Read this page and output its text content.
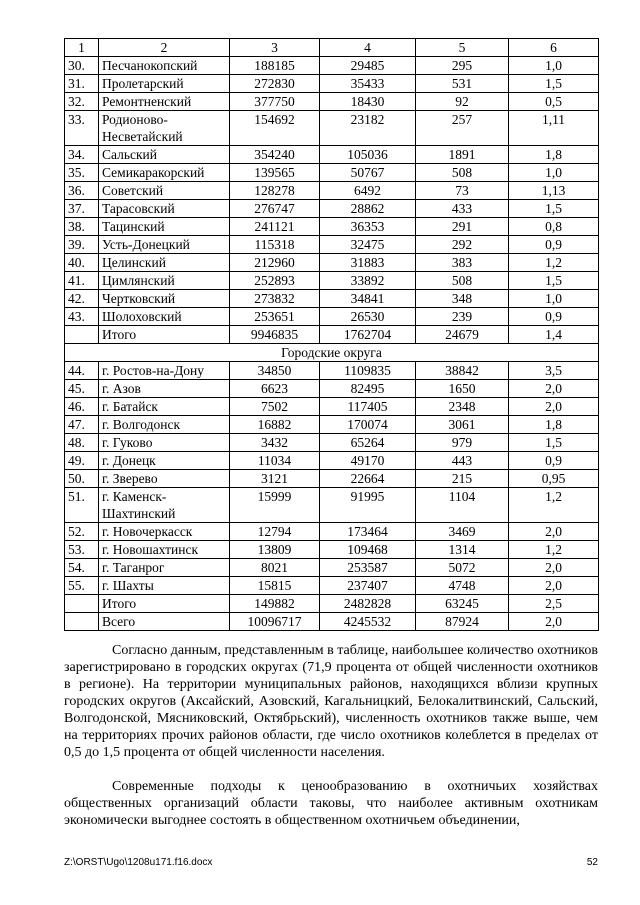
1	2	3	4	5	6
30.	Песчанокопский	188185	29485	295	1,0
31.	Пролетарский	272830	35433	531	1,5
32.	Ремонтненский	377750	18430	92	0,5
33.	Родионово-Несветайский	154692	23182	257	1,11
34.	Сальский	354240	105036	1891	1,8
35.	Семикаракорский	139565	50767	508	1,0
36.	Советский	128278	6492	73	1,13
37.	Тарасовский	276747	28862	433	1,5
38.	Тацинский	241121	36353	291	0,8
39.	Усть-Донецкий	115318	32475	292	0,9
40.	Целинский	212960	31883	383	1,2
41.	Цимлянский	252893	33892	508	1,5
42.	Чертковский	273832	34841	348	1,0
43.	Шолоховский	253651	26530	239	0,9
	Итого	9946835	1762704	24679	1,4
Городские округа					
44.	г. Ростов-на-Дону	34850	1109835	38842	3,5
45.	г. Азов	6623	82495	1650	2,0
46.	г. Батайск	7502	117405	2348	2,0
47.	г. Волгодонск	16882	170074	3061	1,8
48.	г. Гуково	3432	65264	979	1,5
49.	г. Донецк	11034	49170	443	0,9
50.	г. Зверево	3121	22664	215	0,95
51.	г. Каменск-Шахтинский	15999	91995	1104	1,2
52.	г. Новочеркасск	12794	173464	3469	2,0
53.	г. Новошахтинск	13809	109468	1314	1,2
54.	г. Таганрог	8021	253587	5072	2,0
55.	г. Шахты	15815	237407	4748	2,0
	Итого	149882	2482828	63245	2,5
	Всего	10096717	4245532	87924	2,0

Согласно данным, представленным в таблице, наибольшее количество охотников зарегистрировано в городских округах (71,9 процента от общей численности охотников в регионе). На территории муниципальных районов, находящихся вблизи крупных городских округов (Аксайский, Азовский, Кагальницкий, Белокалитвинский, Сальский, Волгодонской, Мясниковский, Октябрьский), численность охотников также выше, чем на территориях прочих районов области, где число охотников колеблется в пределах от 0,5 до 1,5 процента от общей численности населения.

Современные подходы к ценообразованию в охотничьих хозяйствах общественных организаций области таковы, что наиболее активным охотникам экономически выгоднее состоять в общественном охотничьем объединении,

Z:\ORST\Ugo\1208u171.f16.docx	52
